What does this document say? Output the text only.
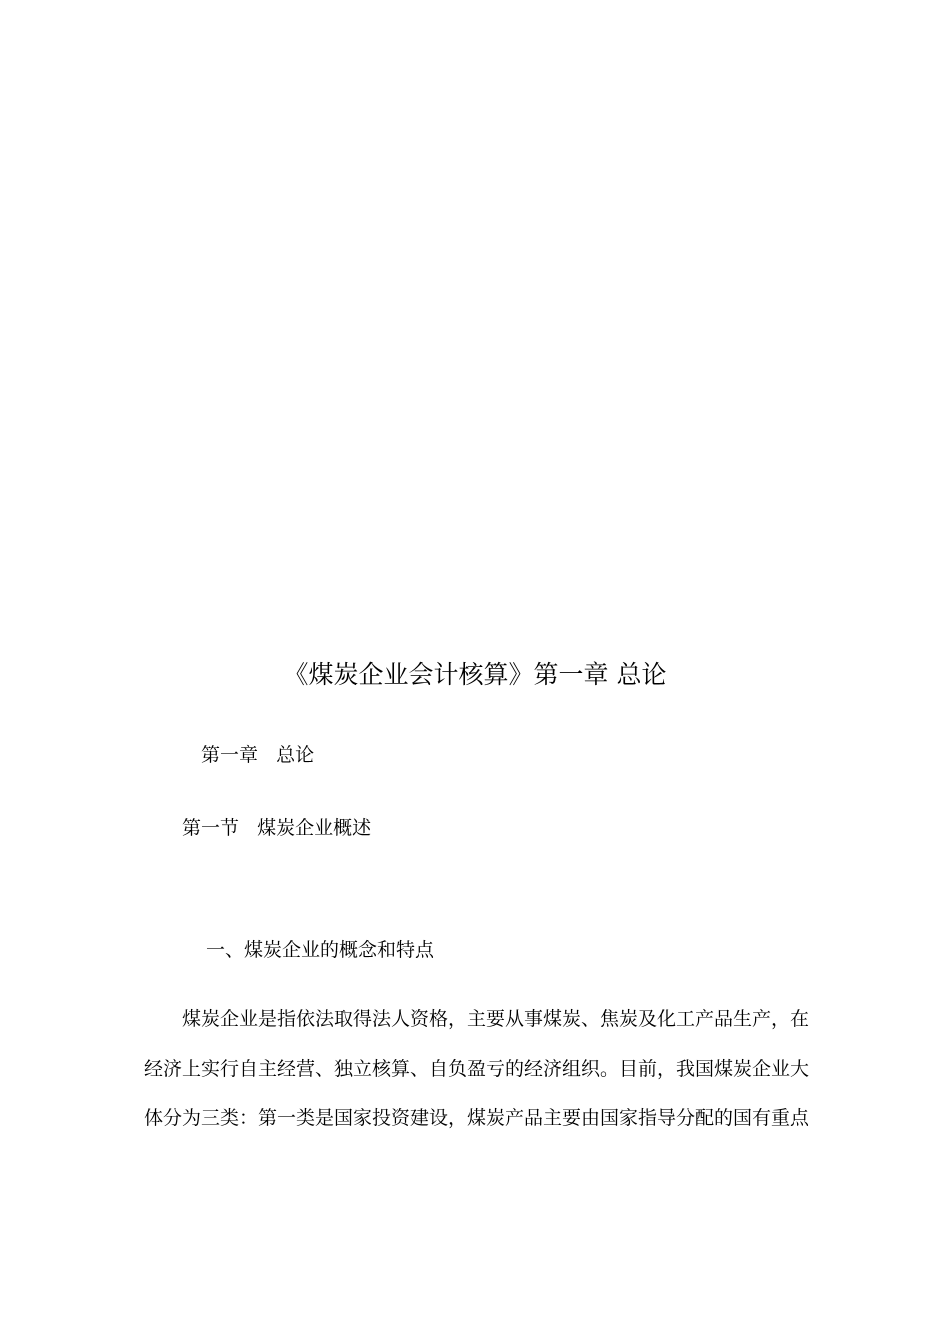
《煤炭企业会计核算》第一章 总论
第一章   总论
第一节   煤炭企业概述
一、煤炭企业的概念和特点
煤炭企业是指依法取得法人资格，主要从事煤炭、焦炭及化工产品生产，在
经济上实行自主经营、独立核算、自负盈亏的经济组织。目前，我国煤炭企业大
体分为三类：第一类是国家投资建设，煤炭产品主要由国家指导分配的国有重点
